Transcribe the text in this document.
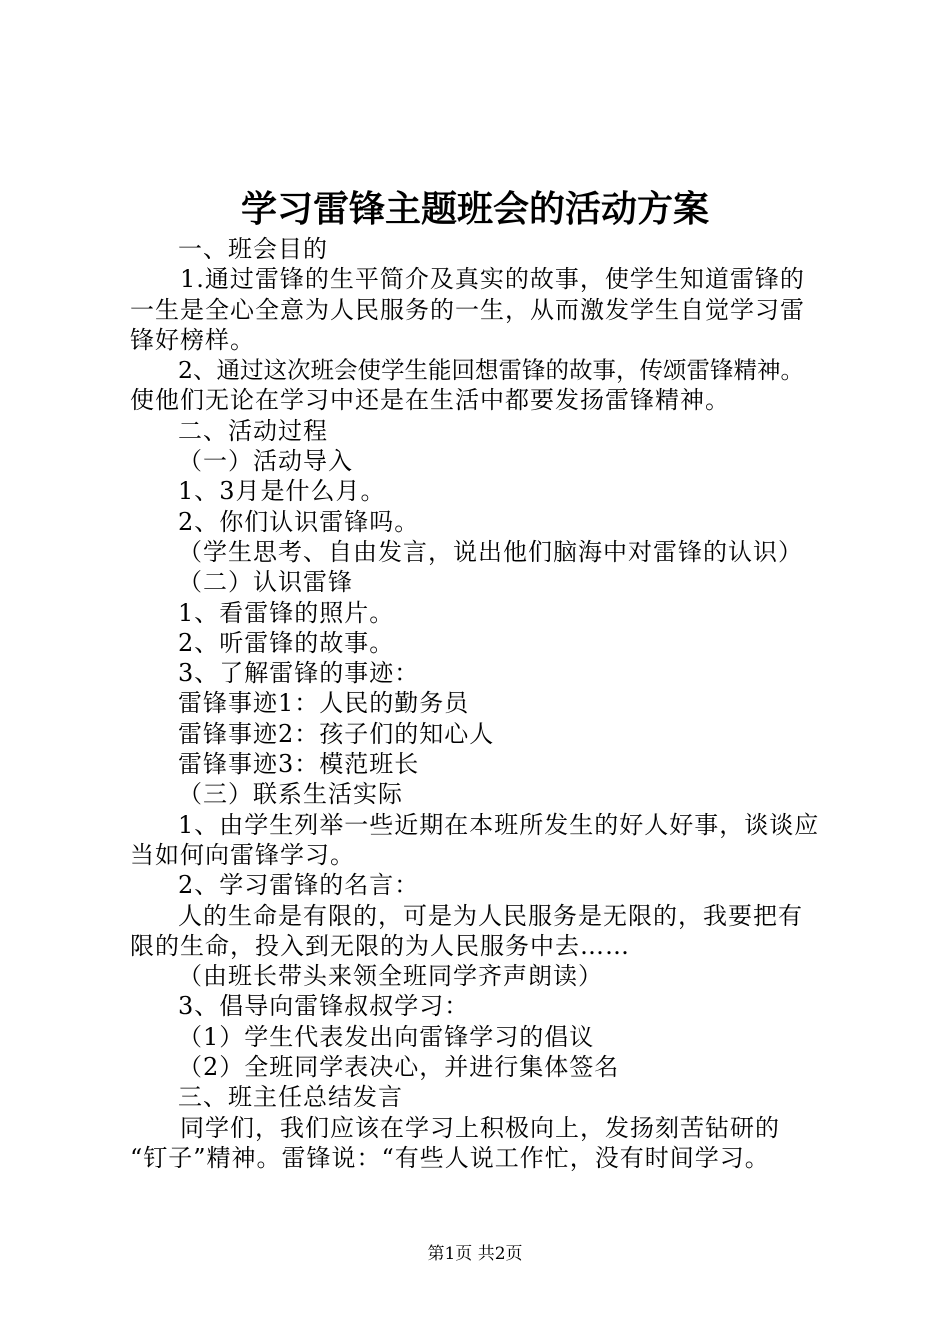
学习雷锋主题班会的活动方案

一、班会目的

1.通过雷锋的生平简介及真实的故事，使学生知道雷锋的

一生是全心全意为人民服务的一生，从而激发学生自觉学习雷

锋好榜样。

2、通过这次班会使学生能回想雷锋的故事，传颂雷锋精神。

使他们无论在学习中还是在生活中都要发扬雷锋精神。

二、活动过程

（一）活动导入

1、3月是什么月。

2、你们认识雷锋吗。

（学生思考、自由发言，说出他们脑海中对雷锋的认识）

（二）认识雷锋

1、看雷锋的照片。

2、听雷锋的故事。

3、了解雷锋的事迹：

雷锋事迹1：人民的勤务员

雷锋事迹2：孩子们的知心人

雷锋事迹3：模范班长

（三）联系生活实际

1、由学生列举一些近期在本班所发生的好人好事，谈谈应

当如何向雷锋学习。

2、学习雷锋的名言：

人的生命是有限的，可是为人民服务是无限的，我要把有

限的生命，投入到无限的为人民服务中去……

（由班长带头来领全班同学齐声朗读）

3、倡导向雷锋叔叔学习：

（1）学生代表发出向雷锋学习的倡议

（2）全班同学表决心，并进行集体签名

三、班主任总结发言

同学们，我们应该在学习上积极向上，发扬刻苦钻研的

“钉子”精神。雷锋说：“有些人说工作忙，没有时间学习。

第1页 共2页
